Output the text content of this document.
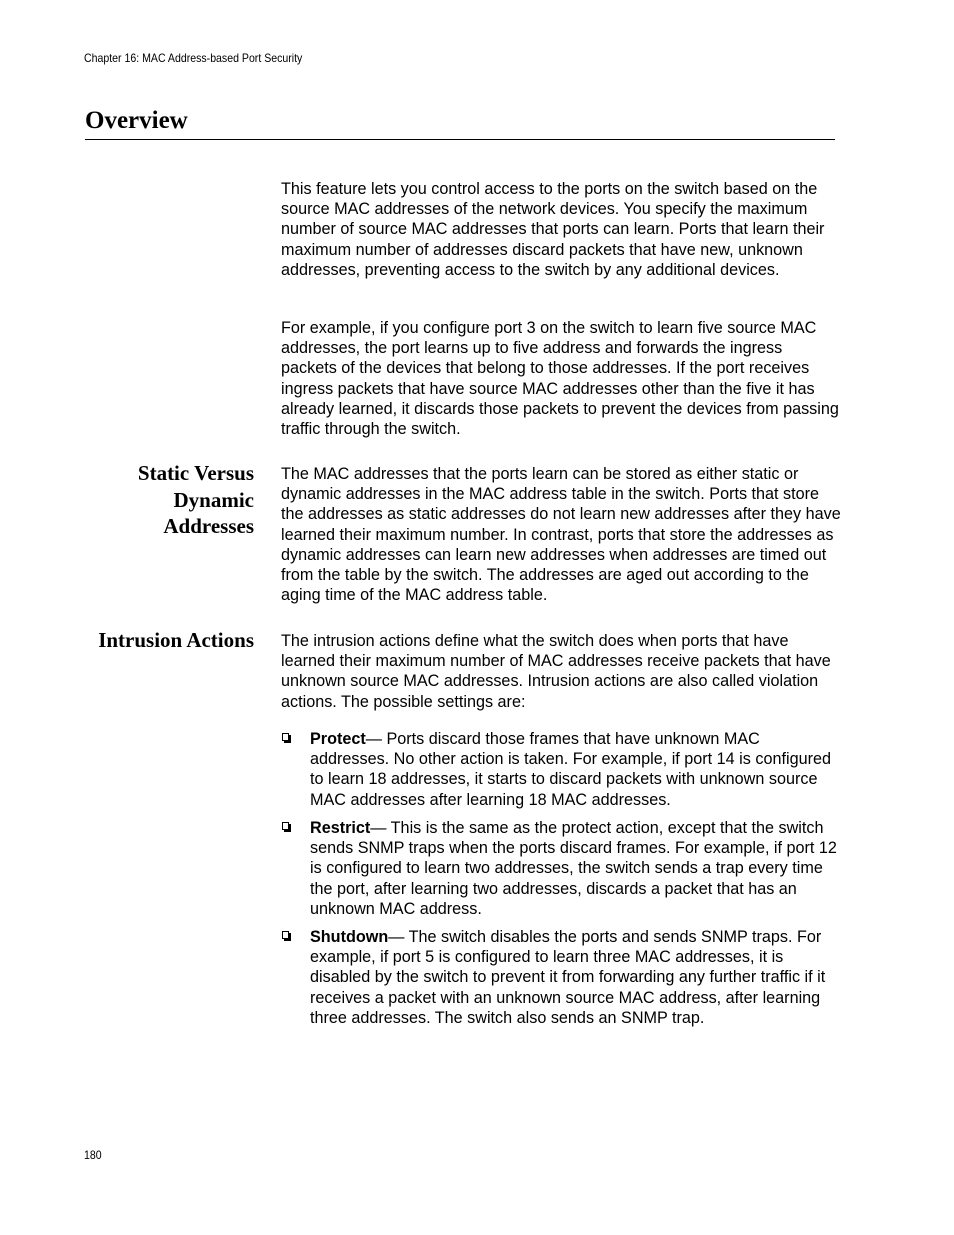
Chapter 16: MAC Address-based Port Security
Overview

This feature lets you control access to the ports on the switch based on the source MAC addresses of the network devices. You specify the maximum number of source MAC addresses that ports can learn. Ports that learn their maximum number of addresses discard packets that have new, unknown addresses, preventing access to the switch by any additional devices.

For example, if you configure port 3 on the switch to learn five source MAC addresses, the port learns up to five address and forwards the ingress packets of the devices that belong to those addresses. If the port receives ingress packets that have source MAC addresses other than the five it has already learned, it discards those packets to prevent the devices from passing traffic through the switch.

Static Versus
Dynamic
Addresses

The MAC addresses that the ports learn can be stored as either static or dynamic addresses in the MAC address table in the switch. Ports that store the addresses as static addresses do not learn new addresses after they have learned their maximum number. In contrast, ports that store the addresses as dynamic addresses can learn new addresses when addresses are timed out from the table by the switch. The addresses are aged out according to the aging time of the MAC address table.

Intrusion Actions The intrusion actions define what the switch does when ports that have learned their maximum number of MAC addresses receive packets that have unknown source MAC addresses. Intrusion actions are also called violation actions. The possible settings are:

Protect— Ports discard those frames that have unknown MAC addresses. No other action is taken. For example, if port 14 is configured to learn 18 addresses, it starts to discard packets with unknown source MAC addresses after learning 18 MAC addresses.
Restrict— This is the same as the protect action, except that the switch sends SNMP traps when the ports discard frames. For example, if port 12 is configured to learn two addresses, the switch sends a trap every time the port, after learning two addresses, discards a packet that has an unknown MAC address.
Shutdown— The switch disables the ports and sends SNMP traps. For example, if port 5 is configured to learn three MAC addresses, it is disabled by the switch to prevent it from forwarding any further traffic if it receives a packet with an unknown source MAC address, after learning three addresses. The switch also sends an SNMP trap.
180
